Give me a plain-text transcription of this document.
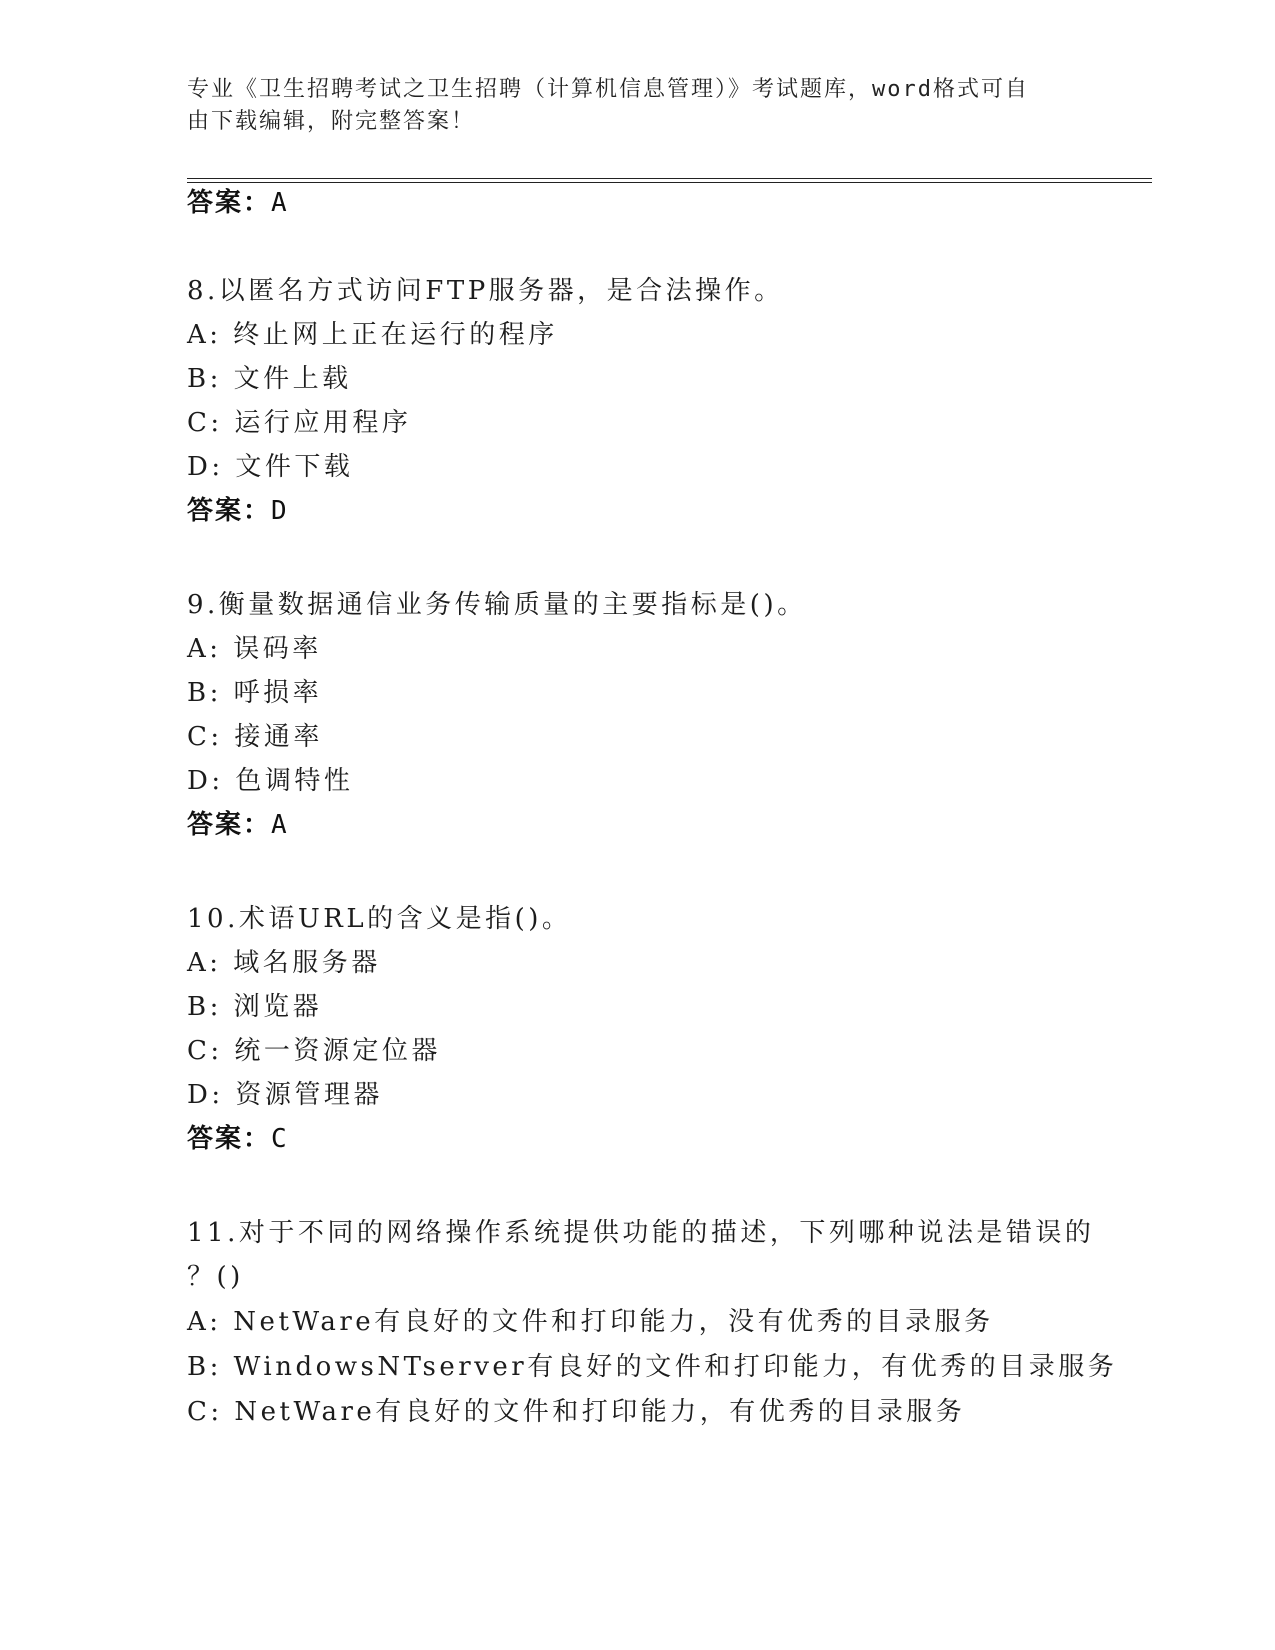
专业《卫生招聘考试之卫生招聘（计算机信息管理）》考试题库，word格式可自
由下载编辑，附完整答案！
答案：A
8.以匿名方式访问FTP服务器，是合法操作。
A: 终止网上正在运行的程序
B: 文件上载
C: 运行应用程序
D: 文件下载
答案：D
9.衡量数据通信业务传输质量的主要指标是()。
A: 误码率
B: 呼损率
C: 接通率
D: 色调特性
答案：A
10.术语URL的含义是指()。
A: 域名服务器
B: 浏览器
C: 统一资源定位器
D: 资源管理器
答案：C
11.对于不同的网络操作系统提供功能的描述，下列哪种说法是错误的
？()
A: NetWare有良好的文件和打印能力，没有优秀的目录服务
B: WindowsNTserver有良好的文件和打印能力，有优秀的目录服务
C: NetWare有良好的文件和打印能力，有优秀的目录服务
